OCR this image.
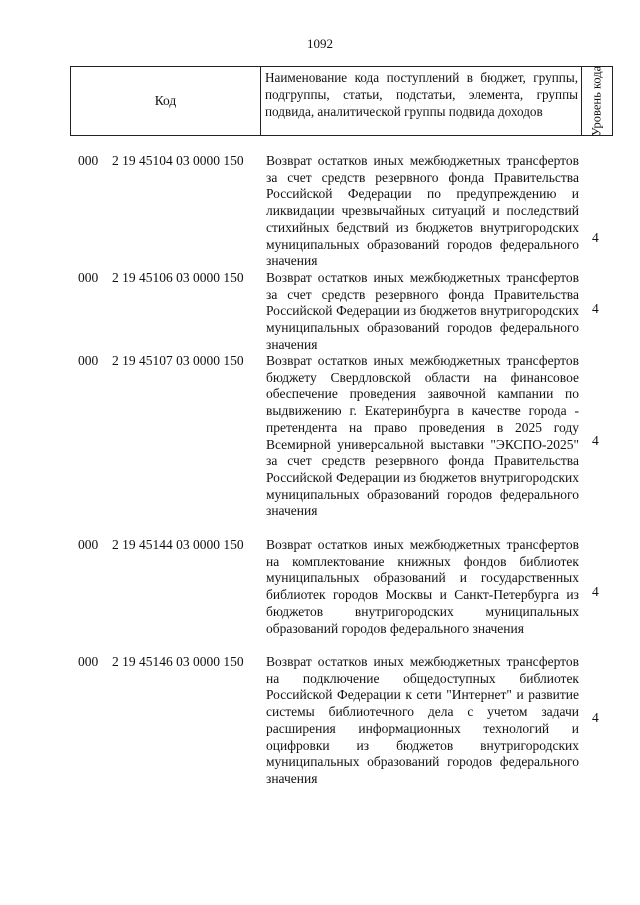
1092
Код
Наименование кода поступлений в бюджет, группы, подгруппы, статьи, подстатьи, элемента, группы подвида, аналитической группы подвида доходов	Уровень кода
000 2 19 45104 03 0000 150 Возврат остатков иных межбюджетных трансфертов за счет средств резервного фонда Правительства Российской Федерации по предупреждению и ликвидации чрезвычайных ситуаций и последствий стихийных бедствий из бюджетов внутригородских муниципальных образований городов федерального значения
4
000 2 19 45106 03 0000 150 Возврат остатков иных межбюджетных трансфертов за счет средств резервного фонда Правительства Российской Федерации из бюджетов внутригородских муниципальных образований городов федерального значения
4
000 2 19 45107 03 0000 150 Возврат остатков иных межбюджетных трансфертов бюджету Свердловской области на финансовое обеспечение проведения заявочной кампании по выдвижению г. Екатеринбурга в качестве города - претендента на право проведения в 2025 году Всемирной универсальной выставки "ЭКСПО-2025" за счет средств резервного фонда Правительства Российской Федерации из бюджетов внутригородских муниципальных образований городов федерального значения
4
000 2 19 45144 03 0000 150 Возврат остатков иных межбюджетных трансфертов на комплектование книжных фондов библиотек муниципальных образований и государственных библиотек городов Москвы и Санкт-Петербурга из бюджетов внутригородских муниципальных образований городов федерального значения
4
000 2 19 45146 03 0000 150 Возврат остатков иных межбюджетных трансфертов на подключение общедоступных библиотек Российской Федерации к сети "Интернет" и развитие системы библиотечного дела с учетом задачи расширения информационных технологий и оцифровки из бюджетов внутригородских муниципальных образований городов федерального значения
4
